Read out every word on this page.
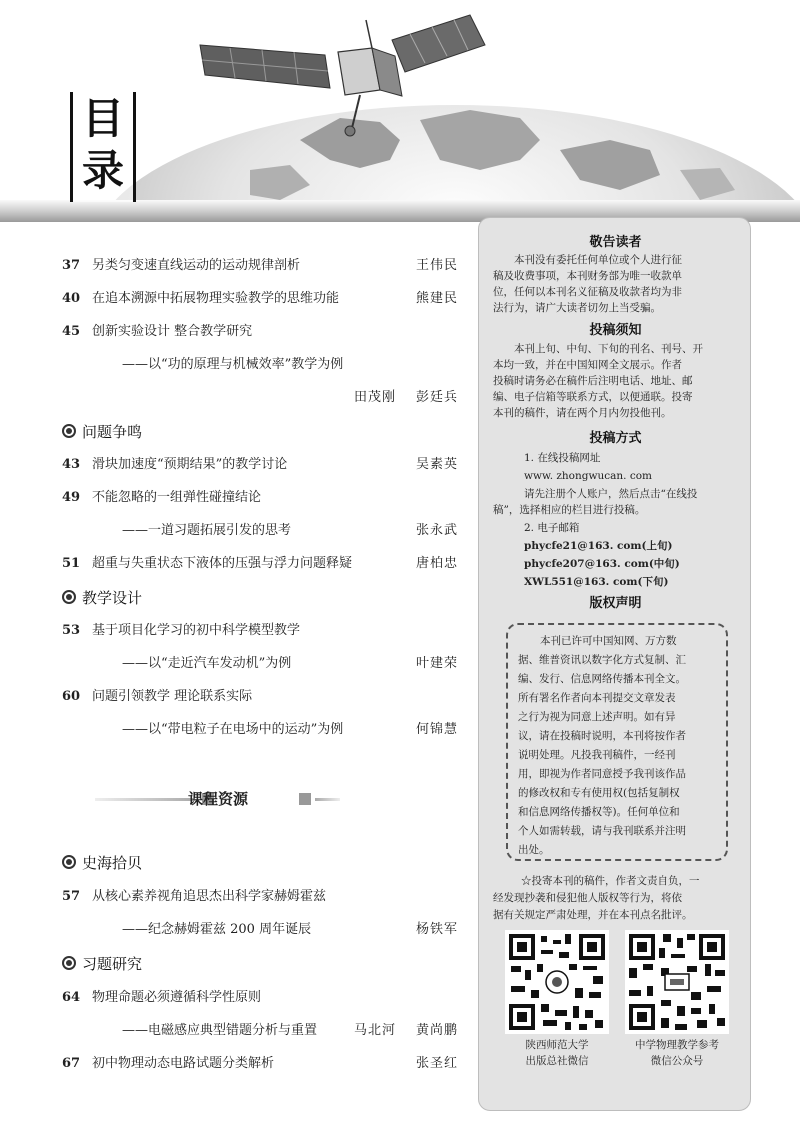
目
录
37 另类匀变速直线运动的运动规律剖析	王伟民
40 在追本溯源中拓展物理实验教学的思维功能	熊建民
45 创新实验设计 整合教学研究
——以“功的原理与机械效率”教学为例
田茂刚 彭廷兵
问题争鸣
43 滑块加速度“预期结果”的教学讨论	吴素英
49 不能忽略的一组弹性碰撞结论
——一道习题拓展引发的思考	张永武
51 超重与失重状态下液体的压强与浮力问题释疑	唐柏忠
教学设计
53 基于项目化学习的初中科学模型教学
——以“走近汽车发动机”为例	叶建荣
60 问题引领教学 理论联系实际
——以“带电粒子在电场中的运动”为例	何锦慧
课程资源
史海拾贝
57 从核心素养视角追思杰出科学家赫姆霍兹
——纪念赫姆霍兹 200 周年诞辰	杨铁军
习题研究
64 物理命题必须遵循科学性原则
——电磁感应典型错题分析与重置	马北河 黄尚鹏
67 初中物理动态电路试题分类解析	张圣红
敬告读者
本刊没有委托任何单位或个人进行征
稿及收费事项，本刊财务部为唯一收款单
位，任何以本刊名义征稿及收款者均为非
法行为，请广大读者切勿上当受骗。
投稿须知
本刊上旬、中旬、下旬的刊名、刊号、开
本均一致，并在中国知网全文展示。作者
投稿时请务必在稿件后注明电话、地址、邮
编、电子信箱等联系方式，以便通联。投寄
本刊的稿件，请在两个月内勿投他刊。
投稿方式
1. 在线投稿网址
www. zhongwucan. com
请先注册个人账户，然后点击“在线投
稿”，选择相应的栏目进行投稿。
2. 电子邮箱
phycfe21@163. com(上旬)
phycfe207@163. com(中旬)
XWL551@163. com(下旬)
版权声明
本刊已许可中国知网、万方数
据、维普资讯以数字化方式复制、汇
编、发行、信息网络传播本刊全文。
所有署名作者向本刊提交文章发表
之行为视为同意上述声明。如有异
议，请在投稿时说明，本刊将按作者
说明处理。凡投我刊稿件，一经刊
用，即视为作者同意授予我刊该作品
的修改权和专有使用权(包括复制权
和信息网络传播权等)。任何单位和
个人如需转载，请与我刊联系并注明
出处。
☆投寄本刊的稿件，作者文责自负，一
经发现抄袭和侵犯他人版权等行为，将依
据有关规定严肃处理，并在本刊点名批评。
陕西师范大学
出版总社微信
中学物理教学参考
微信公众号
